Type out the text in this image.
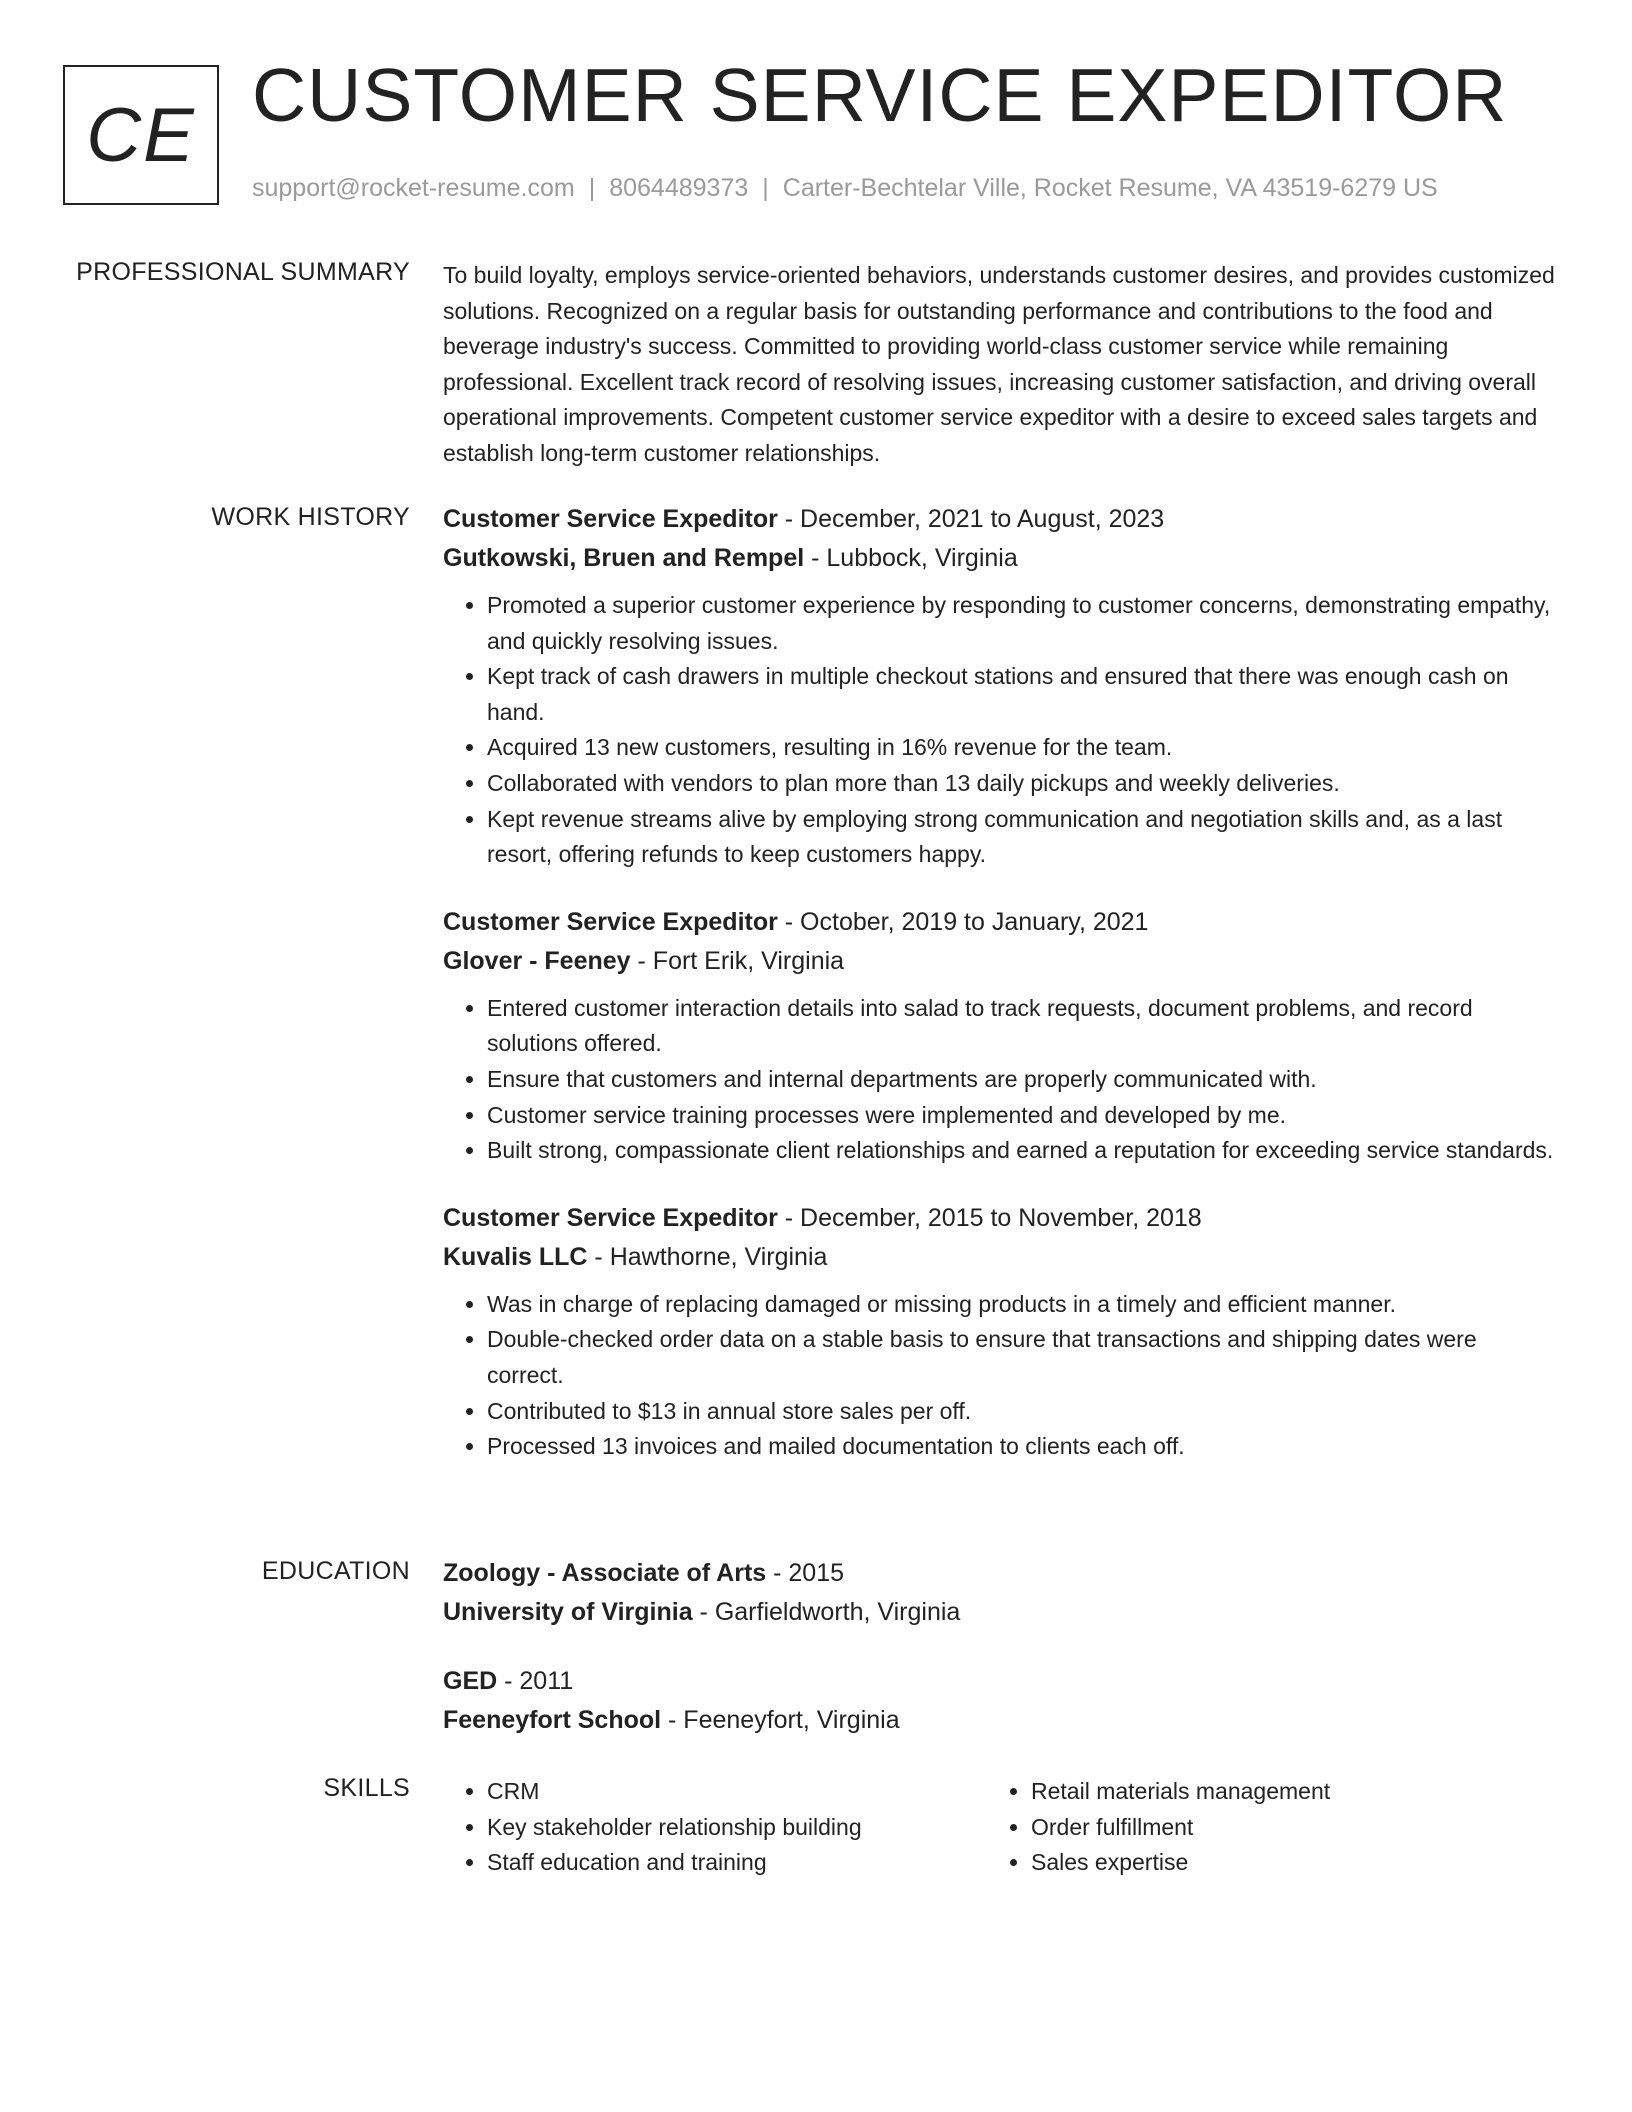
CE CUSTOMER SERVICE EXPEDITOR
support@rocket-resume.com | 8064489373 | Carter-Bechtelar Ville, Rocket Resume, VA 43519-6279 US
PROFESSIONAL SUMMARY To build loyalty, employs service-oriented behaviors, understands customer desires, and provides customized solutions. Recognized on a regular basis for outstanding performance and contributions to the food and beverage industry's success. Committed to providing world-class customer service while remaining professional. Excellent track record of resolving issues, increasing customer satisfaction, and driving overall operational improvements. Competent customer service expeditor with a desire to exceed sales targets and establish long-term customer relationships.

WORK HISTORY Customer Service Expeditor - December, 2021 to August, 2023
Gutkowski, Bruen and Rempel - Lubbock, Virginia
• Promoted a superior customer experience by responding to customer concerns, demonstrating empathy, and quickly resolving issues.
• Kept track of cash drawers in multiple checkout stations and ensured that there was enough cash on hand.
• Acquired 13 new customers, resulting in 16% revenue for the team.
• Collaborated with vendors to plan more than 13 daily pickups and weekly deliveries.
• Kept revenue streams alive by employing strong communication and negotiation skills and, as a last resort, offering refunds to keep customers happy.
Customer Service Expeditor - October, 2019 to January, 2021
Glover - Feeney - Fort Erik, Virginia
• Entered customer interaction details into salad to track requests, document problems, and record solutions offered.
• Ensure that customers and internal departments are properly communicated with.
• Customer service training processes were implemented and developed by me.
• Built strong, compassionate client relationships and earned a reputation for exceeding service standards.
Customer Service Expeditor - December, 2015 to November, 2018
Kuvalis LLC - Hawthorne, Virginia
• Was in charge of replacing damaged or missing products in a timely and efficient manner.
• Double-checked order data on a stable basis to ensure that transactions and shipping dates were correct.
• Contributed to $13 in annual store sales per off.
• Processed 13 invoices and mailed documentation to clients each off.
EDUCATION Zoology - Associate of Arts - 2015
University of Virginia - Garfieldworth, Virginia
GED - 2011
Feeneyfort School - Feeneyfort, Virginia
SKILLS
•	CRM
• Key stakeholder relationship building
• Staff education and training
• Retail materials management
• Order fulfillment
• Sales expertise
